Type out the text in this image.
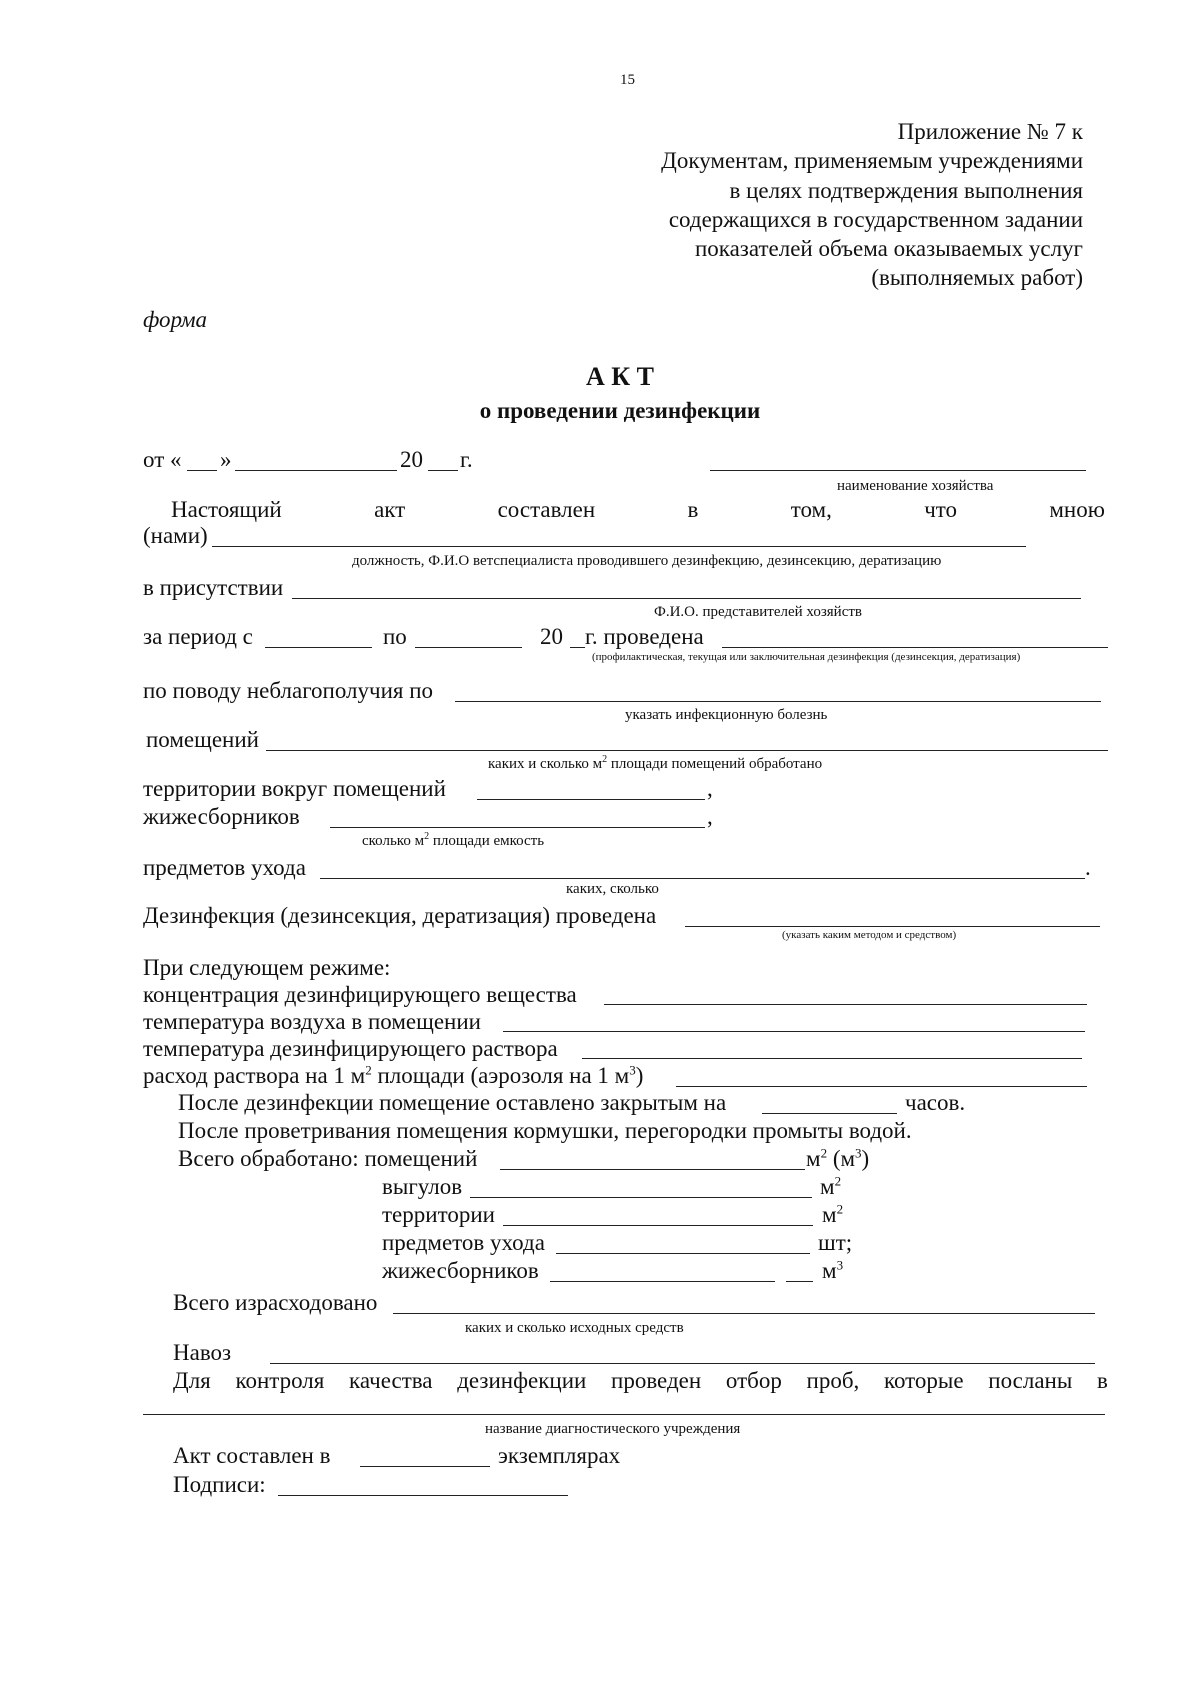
15
Приложение № 7 к
Документам, применяемым учреждениями
в целях подтверждения выполнения
содержащихся в государственном задании
показателей объема оказываемых услуг
(выполняемых работ)
форма
А К Т
о проведении дезинфекции
от « »	20 г.
наименование хозяйства
Настоящий	акт	составлен	в	том,	что	мною
(нами)
должность, Ф.И.О ветспециалиста проводившего дезинфекцию, дезинсекцию, дератизацию
в присутствии
Ф.И.О. представителей хозяйств
за период с	по	20 г. проведена
(профилактическая, текущая или заключительная дезинфекция (дезинсекция, дератизация)
по поводу неблагополучия по
указать инфекционную болезнь
помещений
каких и сколько $м^2$ площади помещений обработано
территории вокруг помещений	,
жижесборников	,
сколько $м^2$ площади емкость
предметов ухода	.
каких, сколько
Дезинфекция (дезинсекция, дератизация) проведена
(указать каким методом и средством)
При следующем режиме:
концентрация дезинфицирующего вещества
температура воздуха в помещении
температура дезинфицирующего раствора
расход раствора на 1 $м^2$ площади (аэрозоля на 1 $м^3$)
После дезинфекции помещение оставлено закрытым на	часов.
После проветривания помещения кормушки, перегородки промыты водой.
Всего обработано: помещений	$м^2$ $(м^3)$
выгулов	$м^2$
территории	$м^2$
предметов ухода	шт;
жижесборников	$м^3$
Всего израсходовано
каких и сколько исходных средств
Навоз
Для контроля качества дезинфекции проведен отбор проб, которые посланы в
название диагностического учреждения
Акт составлен в	экземплярах
Подписи:
